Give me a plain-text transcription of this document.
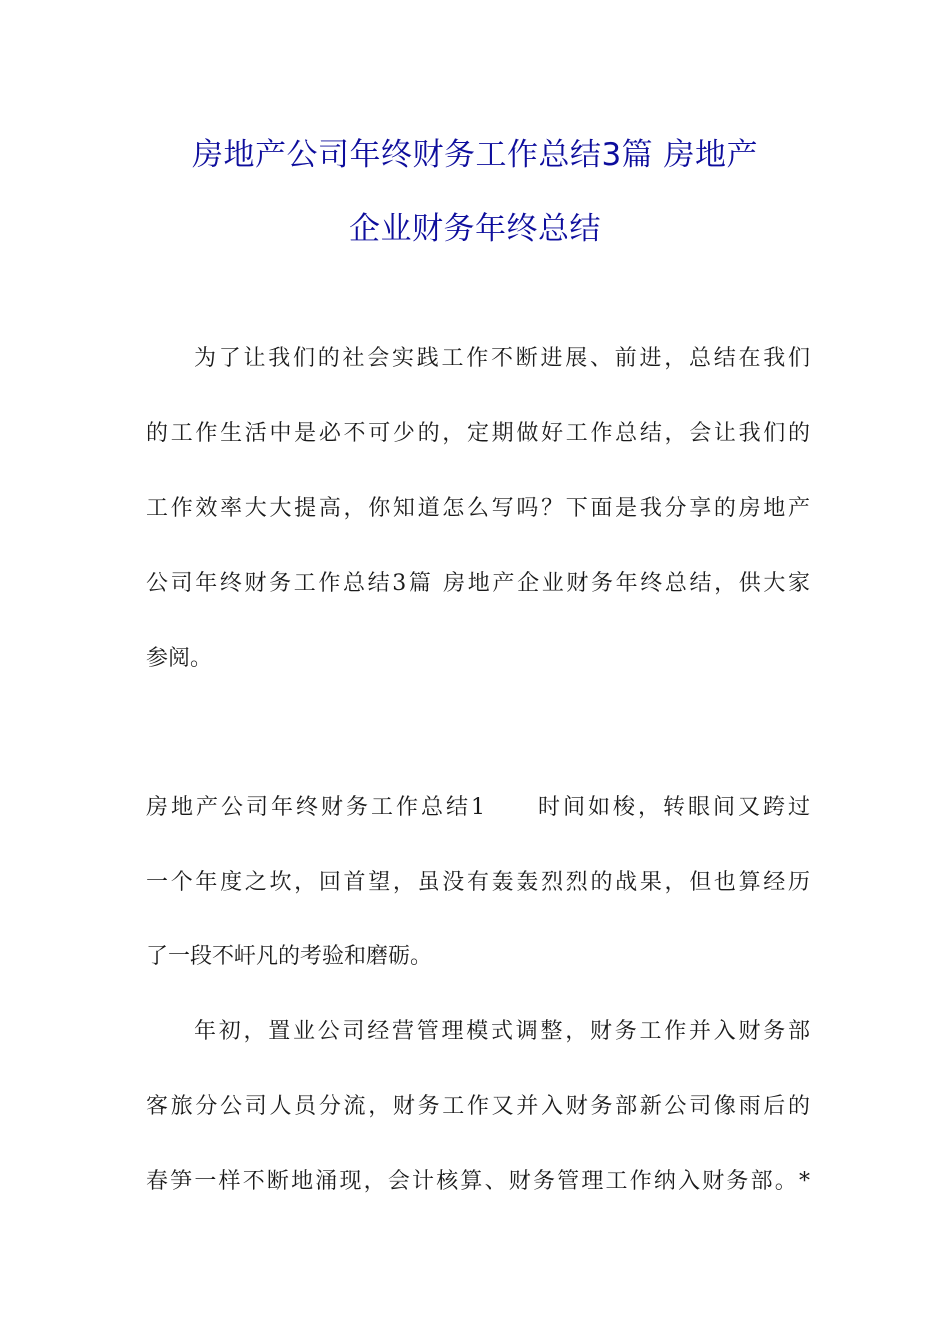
房地产公司年终财务工作总结3篇 房地产
企业财务年终总结
为了让我们的社会实践工作不断进展、前进，总结在我们
的工作生活中是必不可少的，定期做好工作总结，会让我们的
工作效率大大提高，你知道怎么写吗？下面是我分享的房地产
公司年终财务工作总结3篇 房地产企业财务年终总结，供大家
参阅。
房地产公司年终财务工作总结1　　时间如梭，转眼间又跨过
一个年度之坎，回首望，虽没有轰轰烈烈的战果，但也算经历
了一段不屽凡的考验和磨砺。
年初，置业公司经营管理模式调整，财务工作并入财务部
客旅分公司人员分流，财务工作又并入财务部新公司像雨后的
春笋一样不断地涌现，会计核算、财务管理工作纳入财务部。*
